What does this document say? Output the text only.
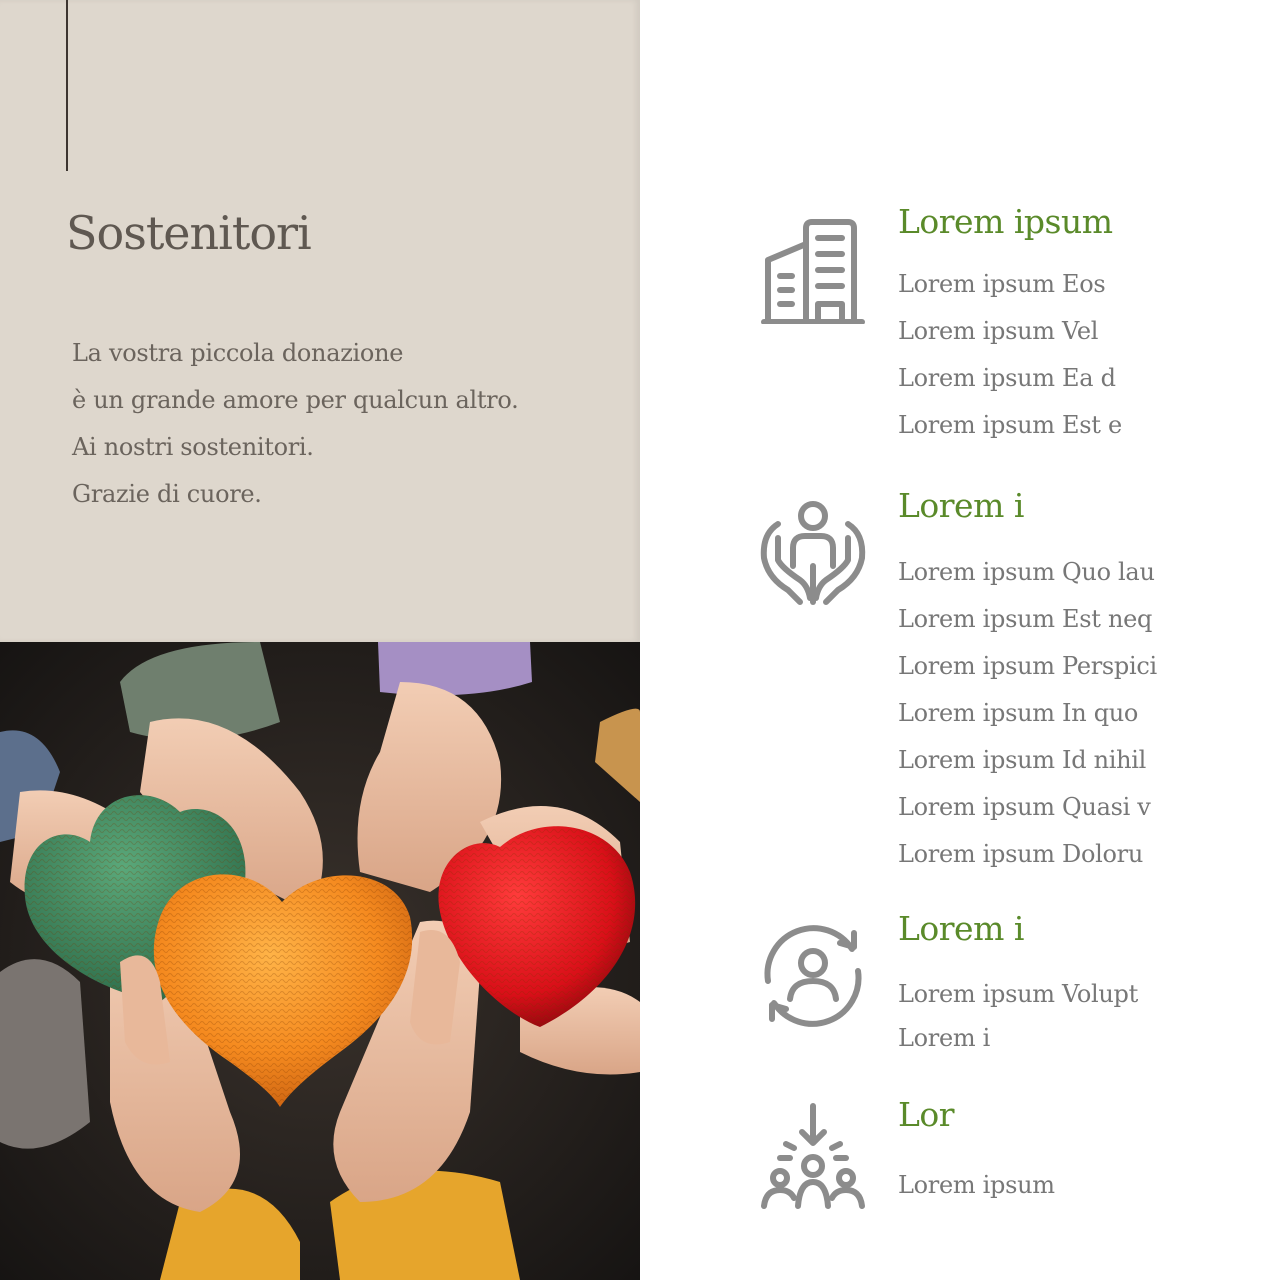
Sostenitori
La vostra piccola donazione
è un grande amore per qualcun altro.
Ai nostri sostenitori.
Grazie di cuore.
Lorem ipsum
Lorem ipsum Eos
Lorem ipsum Vel
Lorem ipsum Ea d
Lorem ipsum Est e
Lorem i
Lorem ipsum Quo lau
Lorem ipsum Est neq
Lorem ipsum Perspici
Lorem ipsum In quo
Lorem ipsum Id nihil
Lorem ipsum Quasi v
Lorem ipsum Doloru
Lorem i
Lorem ipsum Volupt
Lorem i
Lor
Lorem ipsum
